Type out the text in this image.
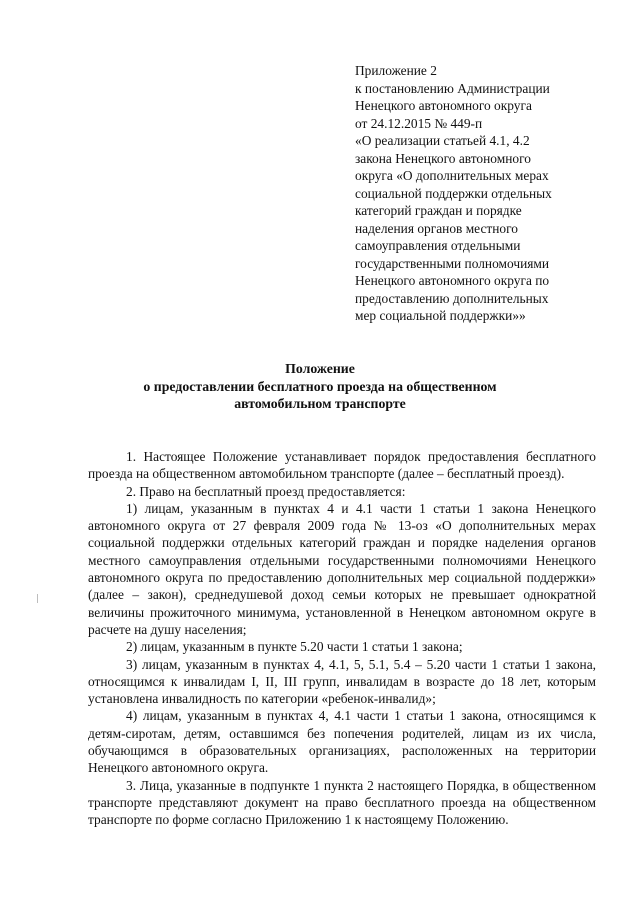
Приложение 2
к постановлению Администрации
Ненецкого автономного округа
от 24.12.2015 № 449-п
«О реализации статьей 4.1, 4.2
закона Ненецкого автономного
округа «О дополнительных мерах
социальной поддержки отдельных
категорий граждан и порядке
наделения органов местного
самоуправления отдельными
государственными полномочиями
Ненецкого автономного округа по
предоставлению дополнительных
мер социальной поддержки»»
Положение
о предоставлении бесплатного проезда на общественном
автомобильном транспорте

1. Настоящее Положение устанавливает порядок предоставления бесплатного проезда на общественном автомобильном транспорте (далее – бесплатный проезд).

2. Право на бесплатный проезд предоставляется:

1) лицам, указанным в пунктах 4 и 4.1 части 1 статьи 1 закона Ненецкого автономного округа от 27 февраля 2009 года № 13-оз «О дополнительных мерах социальной поддержки отдельных категорий граждан и порядке наделения органов местного самоуправления отдельными государственными полномочиями Ненецкого автономного округа по предоставлению дополнительных мер социальной поддержки» (далее – закон), среднедушевой доход семьи которых не превышает однократной величины прожиточного минимума, установленной в Ненецком автономном округе в расчете на душу населения;

2) лицам, указанным в пункте 5.20 части 1 статьи 1 закона;

3) лицам, указанным в пунктах 4, 4.1, 5, 5.1, 5.4 – 5.20 части 1 статьи 1 закона, относящимся к инвалидам I, II, III групп, инвалидам в возрасте до 18 лет, которым установлена инвалидность по категории «ребенок-инвалид»;

4) лицам, указанным в пунктах 4, 4.1 части 1 статьи 1 закона, относящимся к детям-сиротам, детям, оставшимся без попечения родителей, лицам из их числа, обучающимся в образовательных организациях, расположенных на территории Ненецкого автономного округа.

3. Лица, указанные в подпункте 1 пункта 2 настоящего Порядка, в общественном транспорте представляют документ на право бесплатного проезда на общественном транспорте по форме согласно Приложению 1 к настоящему Положению.
